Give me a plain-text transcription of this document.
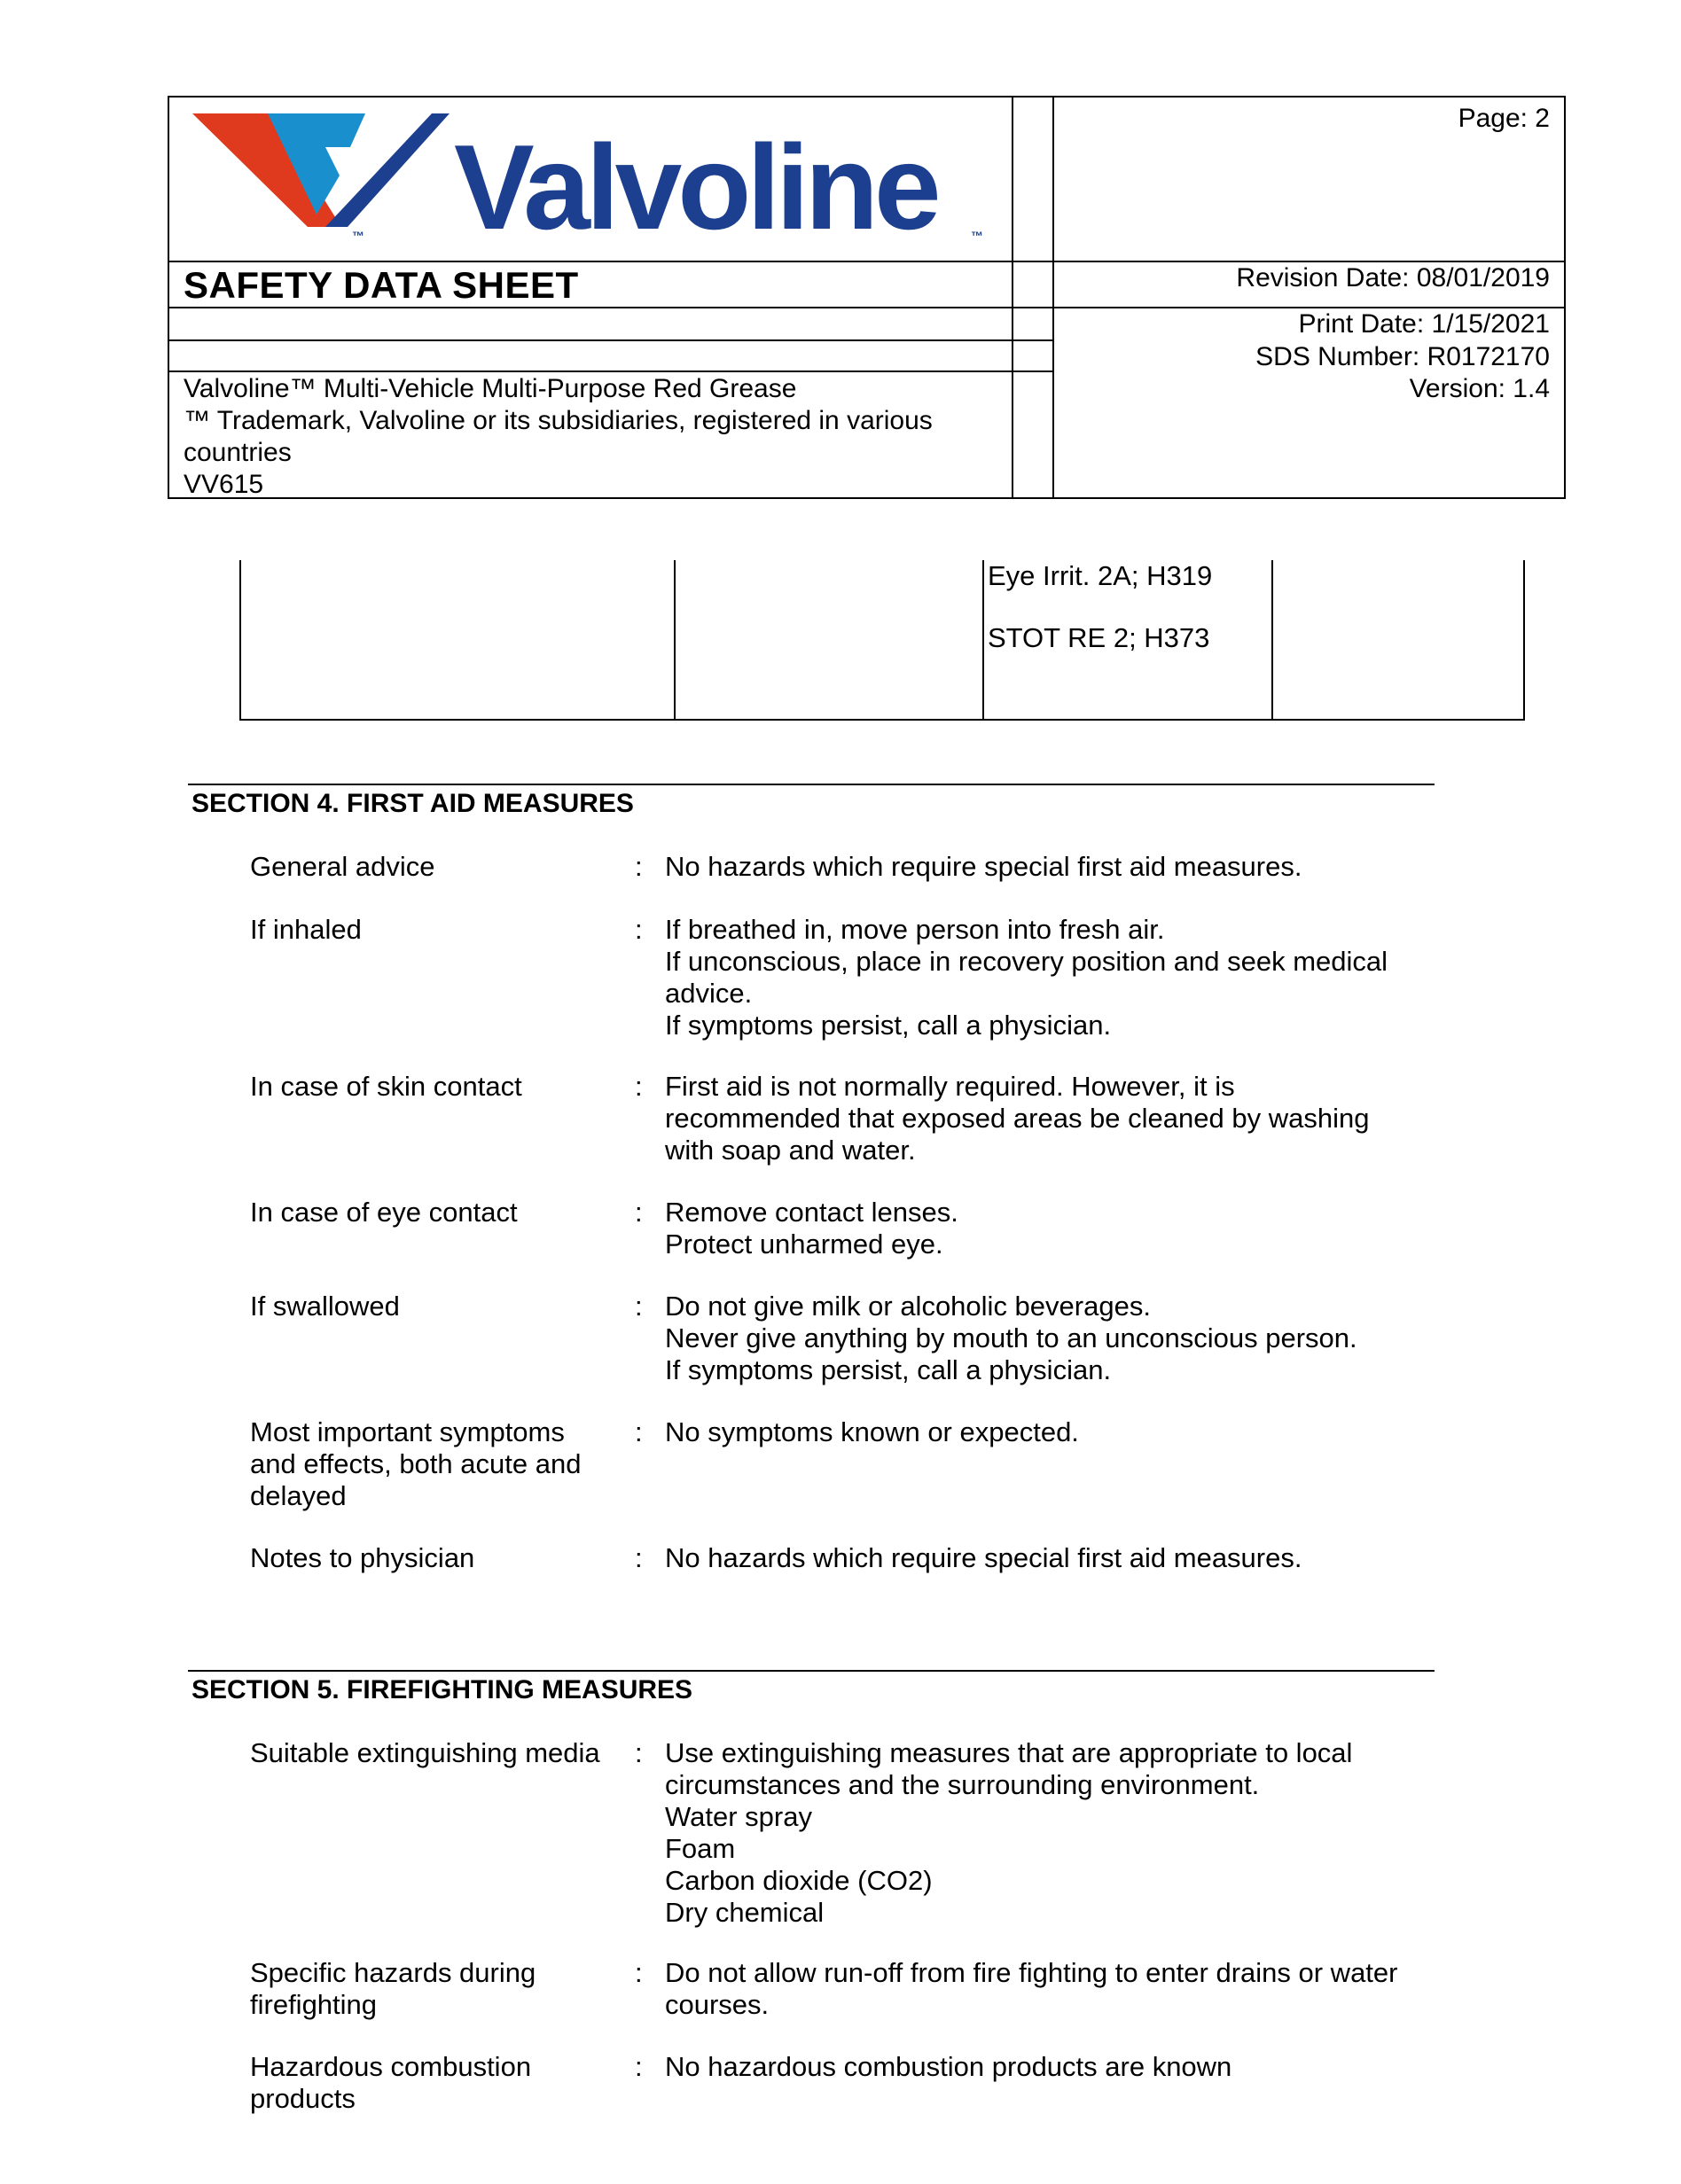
Valvoline
™	™
Page: 2
SAFETY DATA SHEET	Revision Date: 08/01/2019
Print Date: 1/15/2021
SDS Number: R0172170
Version: 1.4
Valvoline™ Multi-Vehicle Multi-Purpose Red Grease
™ Trademark, Valvoline or its subsidiaries, registered in various
countries
VV615
Eye Irrit. 2A; H319
STOT RE 2; H373
SECTION 4. FIRST AID MEASURES
General advice	: No hazards which require special first aid measures.
If inhaled	: If breathed in, move person into fresh air.
If unconscious, place in recovery position and seek medical
advice.
If symptoms persist, call a physician.
In case of skin contact	: First aid is not normally required. However, it is
recommended that exposed areas be cleaned by washing
with soap and water.
In case of eye contact	: Remove contact lenses.
Protect unharmed eye.
If swallowed	: Do not give milk or alcoholic beverages.
Never give anything by mouth to an unconscious person.
If symptoms persist, call a physician.
Most important symptoms
and effects, both acute and
delayed
: No symptoms known or expected.
Notes to physician	: No hazards which require special first aid measures.
SECTION 5. FIREFIGHTING MEASURES
Suitable extinguishing media : Use extinguishing measures that are appropriate to local
circumstances and the surrounding environment.
Water spray
Foam
Carbon dioxide (CO2)
Dry chemical
Specific hazards during
firefighting
: Do not allow run-off from fire fighting to enter drains or water
courses.
Hazardous combustion
products
: No hazardous combustion products are known
